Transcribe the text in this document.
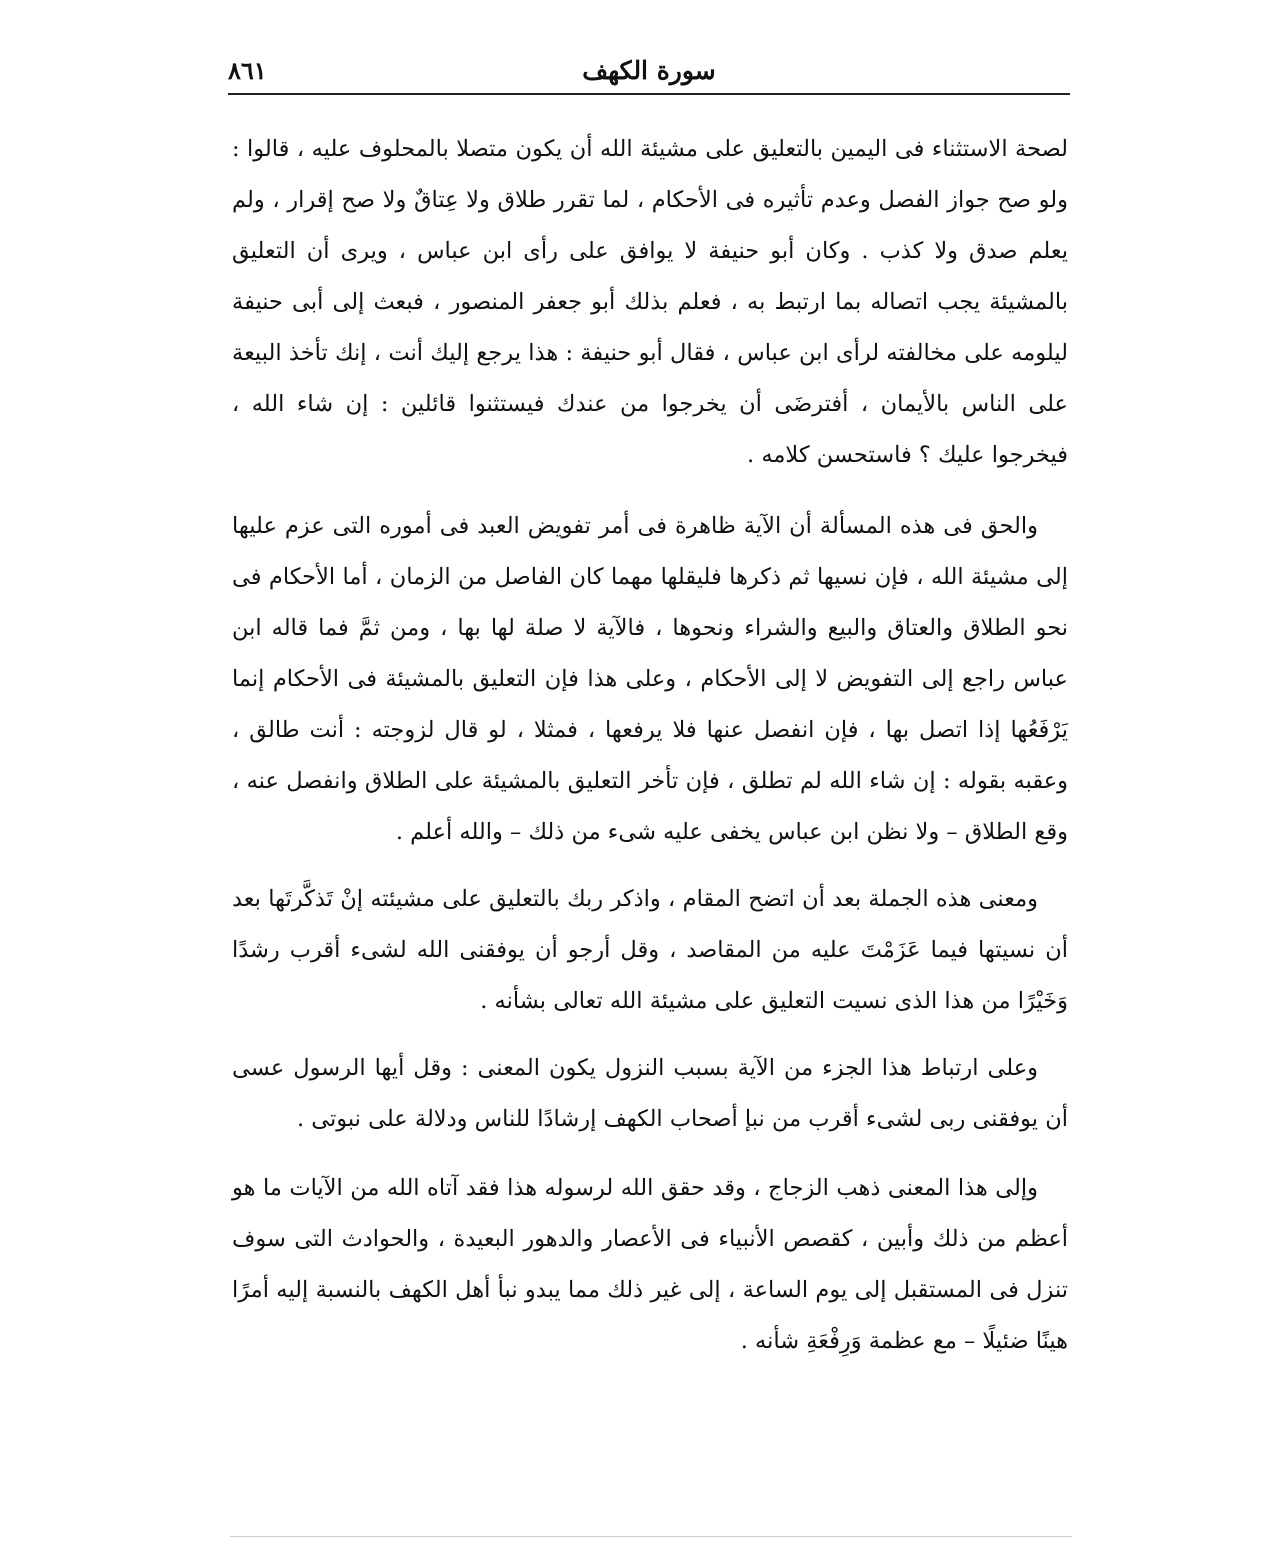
سورة الكهف
٨٦١

لصحة الاستثناء فى اليمين بالتعليق على مشيئة الله أن يكون متصلا بالمحلوف عليه ، قالوا : ولو صح جواز الفصل وعدم تأثيره فى الأحكام ، لما تقرر طلاق ولا عِتاقٌ ولا صح إقرار ، ولم يعلم صدق ولا كذب . وكان أبو حنيفة لا يوافق على رأى ابن عباس ، ويرى أن التعليق بالمشيئة يجب اتصاله بما ارتبط به ، فعلم بذلك أبو جعفر المنصور ، فبعث إلى أبى حنيفة ليلومه على مخالفته لرأى ابن عباس ، فقال أبو حنيفة : هذا يرجع إليك أنت ، إنك تأخذ البيعة على الناس بالأيمان ، أفترضَى أن يخرجوا من عندك فيستثنوا قائلين : إن شاء الله ، فيخرجوا عليك ؟ فاستحسن كلامه .

والحق فى هذه المسألة أن الآية ظاهرة فى أمر تفويض العبد فى أموره التى عزم عليها إلى مشيئة الله ، فإن نسيها ثم ذكرها فليقلها مهما كان الفاصل من الزمان ، أما الأحكام فى نحو الطلاق والعتاق والبيع والشراء ونحوها ، فالآية لا صلة لها بها ، ومن ثمَّ فما قاله ابن عباس راجع إلى التفويض لا إلى الأحكام ، وعلى هذا فإن التعليق بالمشيئة فى الأحكام إنما يَرْفَعُها إذا اتصل بها ، فإن انفصل عنها فلا يرفعها ، فمثلا ، لو قال لزوجته : أنت طالق ، وعقبه بقوله : إن شاء الله لم تطلق ، فإن تأخر التعليق بالمشيئة على الطلاق وانفصل عنه ، وقع الطلاق – ولا نظن ابن عباس يخفى عليه شىء من ذلك – والله أعلم .

ومعنى هذه الجملة بعد أن اتضح المقام ، واذكر ربك بالتعليق على مشيئته إنْ تَذكَّرتَها بعد أن نسيتها فيما عَزَمْتَ عليه من المقاصد ، وقل أرجو أن يوفقنى الله لشىء أقرب رشدًا وَخَيْرًا من هذا الذى نسيت التعليق على مشيئة الله تعالى بشأنه .

وعلى ارتباط هذا الجزء من الآية بسبب النزول يكون المعنى : وقل أيها الرسول عسى أن يوفقنى ربى لشىء أقرب من نبإ أصحاب الكهف إرشادًا للناس ودلالة على نبوتى .

وإلى هذا المعنى ذهب الزجاج ، وقد حقق الله لرسوله هذا فقد آتاه الله من الآيات ما هو أعظم من ذلك وأبين ، كقصص الأنبياء فى الأعصار والدهور البعيدة ، والحوادث التى سوف تنزل فى المستقبل إلى يوم الساعة ، إلى غير ذلك مما يبدو نبأ أهل الكهف بالنسبة إليه أمرًا هينًا ضئيلًا – مع عظمة وَرِفْعَةِ شأنه .
